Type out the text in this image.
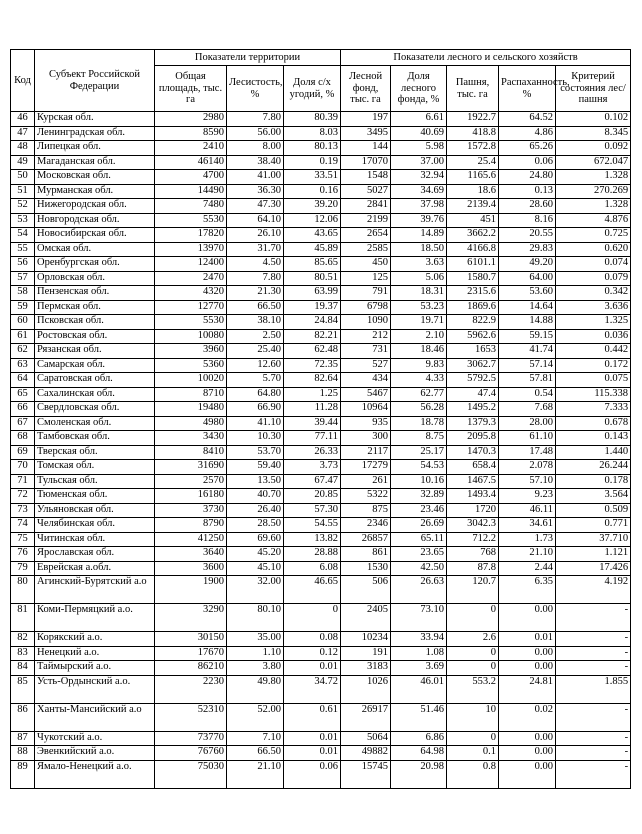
Код	Субъект Российской Федерации	Показатели территории			Показатели лесного и сельского хозяйств				
		Общая площадь, тыс. га	Лесистость, %	Доля с/х угодий, %	Лесной фонд, тыс. га	Доля лесного фонда, %	Пашня, тыс. га	Распаханность, %	Критерий состояния лес/пашня
46	Курская обл.	2980	7.80	80.39	197	6.61	1922.7	64.52	0.102
47	Ленинградская обл.	8590	56.00	8.03	3495	40.69	418.8	4.86	8.345
48	Липецкая обл.	2410	8.00	80.13	144	5.98	1572.8	65.26	0.092
49	Магаданская обл.	46140	38.40	0.19	17070	37.00	25.4	0.06	672.047
50	Московская обл.	4700	41.00	33.51	1548	32.94	1165.6	24.80	1.328
51	Мурманская обл.	14490	36.30	0.16	5027	34.69	18.6	0.13	270.269
52	Нижегородская обл.	7480	47.30	39.20	2841	37.98	2139.4	28.60	1.328
53	Новгородская обл.	5530	64.10	12.06	2199	39.76	451	8.16	4.876
54	Новосибирская обл.	17820	26.10	43.65	2654	14.89	3662.2	20.55	0.725
55	Омская обл.	13970	31.70	45.89	2585	18.50	4166.8	29.83	0.620
56	Оренбургская обл.	12400	4.50	85.65	450	3.63	6101.1	49.20	0.074
57	Орловская обл.	2470	7.80	80.51	125	5.06	1580.7	64.00	0.079
58	Пензенская обл.	4320	21.30	63.99	791	18.31	2315.6	53.60	0.342
59	Пермская обл.	12770	66.50	19.37	6798	53.23	1869.6	14.64	3.636
60	Псковская обл.	5530	38.10	24.84	1090	19.71	822.9	14.88	1.325
61	Ростовская обл.	10080	2.50	82.21	212	2.10	5962.6	59.15	0.036
62	Рязанская обл.	3960	25.40	62.48	731	18.46	1653	41.74	0.442
63	Самарская обл.	5360	12.60	72.35	527	9.83	3062.7	57.14	0.172
64	Саратовская обл.	10020	5.70	82.64	434	4.33	5792.5	57.81	0.075
65	Сахалинская обл.	8710	64.80	1.25	5467	62.77	47.4	0.54	115.338
66	Свердловская обл.	19480	66.90	11.28	10964	56.28	1495.2	7.68	7.333
67	Смоленская обл.	4980	41.10	39.44	935	18.78	1379.3	28.00	0.678
68	Тамбовская обл.	3430	10.30	77.11	300	8.75	2095.8	61.10	0.143
69	Тверская обл.	8410	53.70	26.33	2117	25.17	1470.3	17.48	1.440
70	Томская обл.	31690	59.40	3.73	17279	54.53	658.4	2.078	26.244
71	Тульская обл.	2570	13.50	67.47	261	10.16	1467.5	57.10	0.178
72	Тюменская обл.	16180	40.70	20.85	5322	32.89	1493.4	9.23	3.564
73	Ульяновская обл.	3730	26.40	57.30	875	23.46	1720	46.11	0.509
74	Челябинская обл.	8790	28.50	54.55	2346	26.69	3042.3	34.61	0.771
75	Читинская обл.	41250	69.60	13.82	26857	65.11	712.2	1.73	37.710
76	Ярославская обл.	3640	45.20	28.88	861	23.65	768	21.10	1.121
79	Еврейская а.обл.	3600	45.10	6.08	1530	42.50	87.8	2.44	17.426
80	Агинский-Бурятский а.о	1900	32.00	46.65	506	26.63	120.7	6.35	4.192
81	Коми-Пермяцкий а.о.	3290	80.10	0	2405	73.10	0	0.00	-
82	Корякский а.о.	30150	35.00	0.08	10234	33.94	2.6	0.01	-
83	Ненецкий а.о.	17670	1.10	0.12	191	1.08	0	0.00	-
84	Таймырский а.о.	86210	3.80	0.01	3183	3.69	0	0.00	-
85	Усть-Ордынский а.о.	2230	49.80	34.72	1026	46.01	553.2	24.81	1.855
86	Ханты-Мансийский а.о	52310	52.00	0.61	26917	51.46	10	0.02	-
87	Чукотский а.о.	73770	7.10	0.01	5064	6.86	0	0.00	-
88	Эвенкийский а.о.	76760	66.50	0.01	49882	64.98	0.1	0.00	-
89	Ямало-Ненецкий а.о.	75030	21.10	0.06	15745	20.98	0.8	0.00	-
